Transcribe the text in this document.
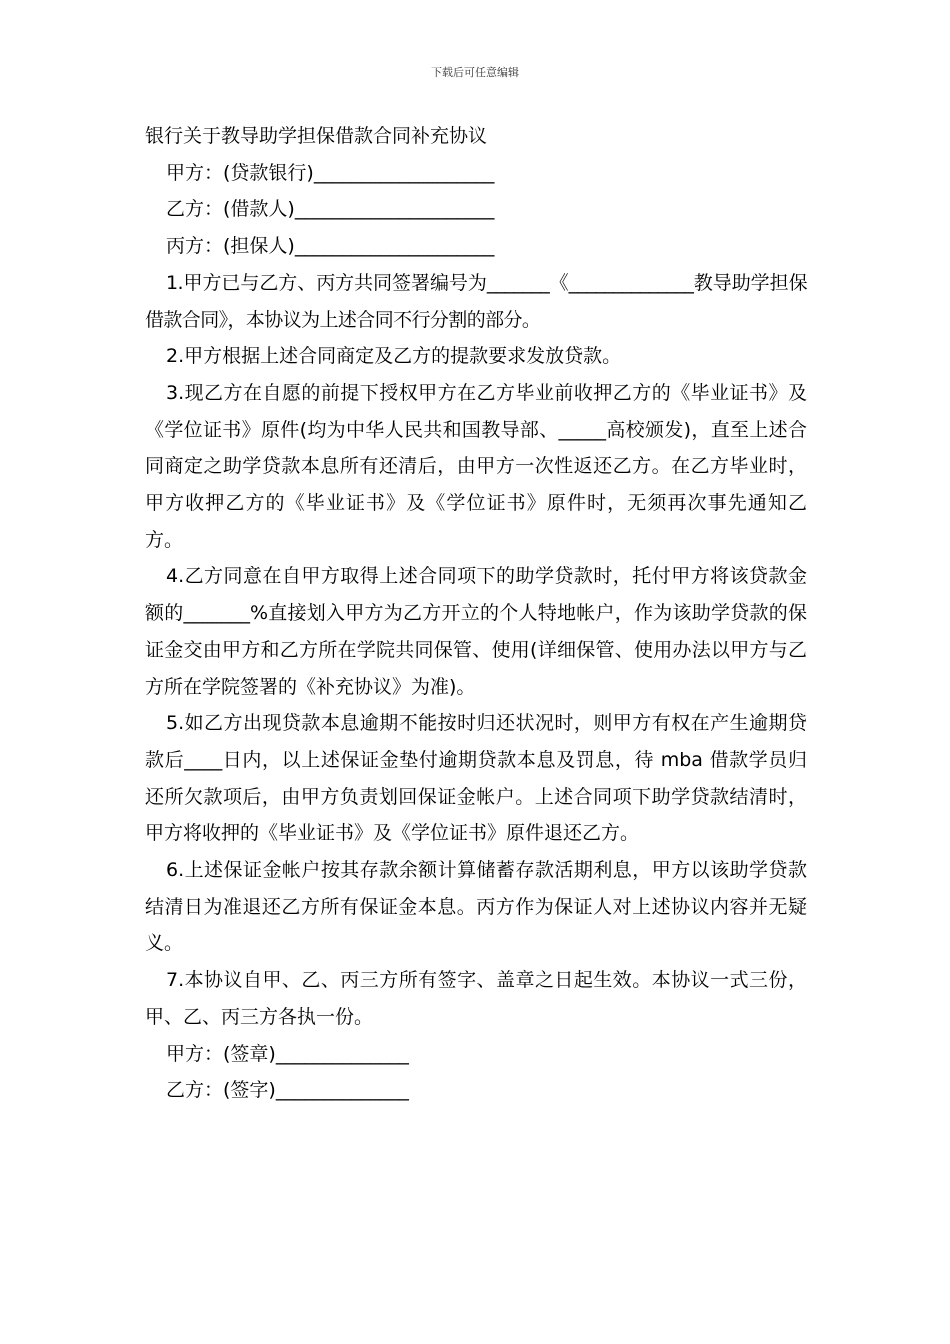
下载后可任意编辑

银行关于教导助学担保借款合同补充协议

甲方：(贷款银行)___________________

乙方：(借款人)_____________________

丙方：(担保人)_____________________

1.甲方已与乙方、丙方共同签署编号为_______《______________教导助学担保借款合同》，本协议为上述合同不行分割的部分。

2.甲方根据上述合同商定及乙方的提款要求发放贷款。

3.现乙方在自愿的前提下授权甲方在乙方毕业前收押乙方的《毕业证书》及《学位证书》原件(均为中华人民共和国教导部、_____高校颁发)，直至上述合同商定之助学贷款本息所有还清后，由甲方一次性返还乙方。在乙方毕业时，甲方收押乙方的《毕业证书》及《学位证书》原件时，无须再次事先通知乙方。

4.乙方同意在自甲方取得上述合同项下的助学贷款时，托付甲方将该贷款金额的_______%直接划入甲方为乙方开立的个人特地帐户，作为该助学贷款的保证金交由甲方和乙方所在学院共同保管、使用(详细保管、使用办法以甲方与乙方所在学院签署的《补充协议》为准)。

5.如乙方出现贷款本息逾期不能按时归还状况时，则甲方有权在产生逾期贷款后____日内，以上述保证金垫付逾期贷款本息及罚息，待 mba 借款学员归还所欠款项后，由甲方负责划回保证金帐户。上述合同项下助学贷款结清时，甲方将收押的《毕业证书》及《学位证书》原件退还乙方。

6.上述保证金帐户按其存款余额计算储蓄存款活期利息，甲方以该助学贷款结清日为准退还乙方所有保证金本息。丙方作为保证人对上述协议内容并无疑义。

7.本协议自甲、乙、丙三方所有签字、盖章之日起生效。本协议一式三份，甲、乙、丙三方各执一份。

甲方：(签章)______________

乙方：(签字)______________
